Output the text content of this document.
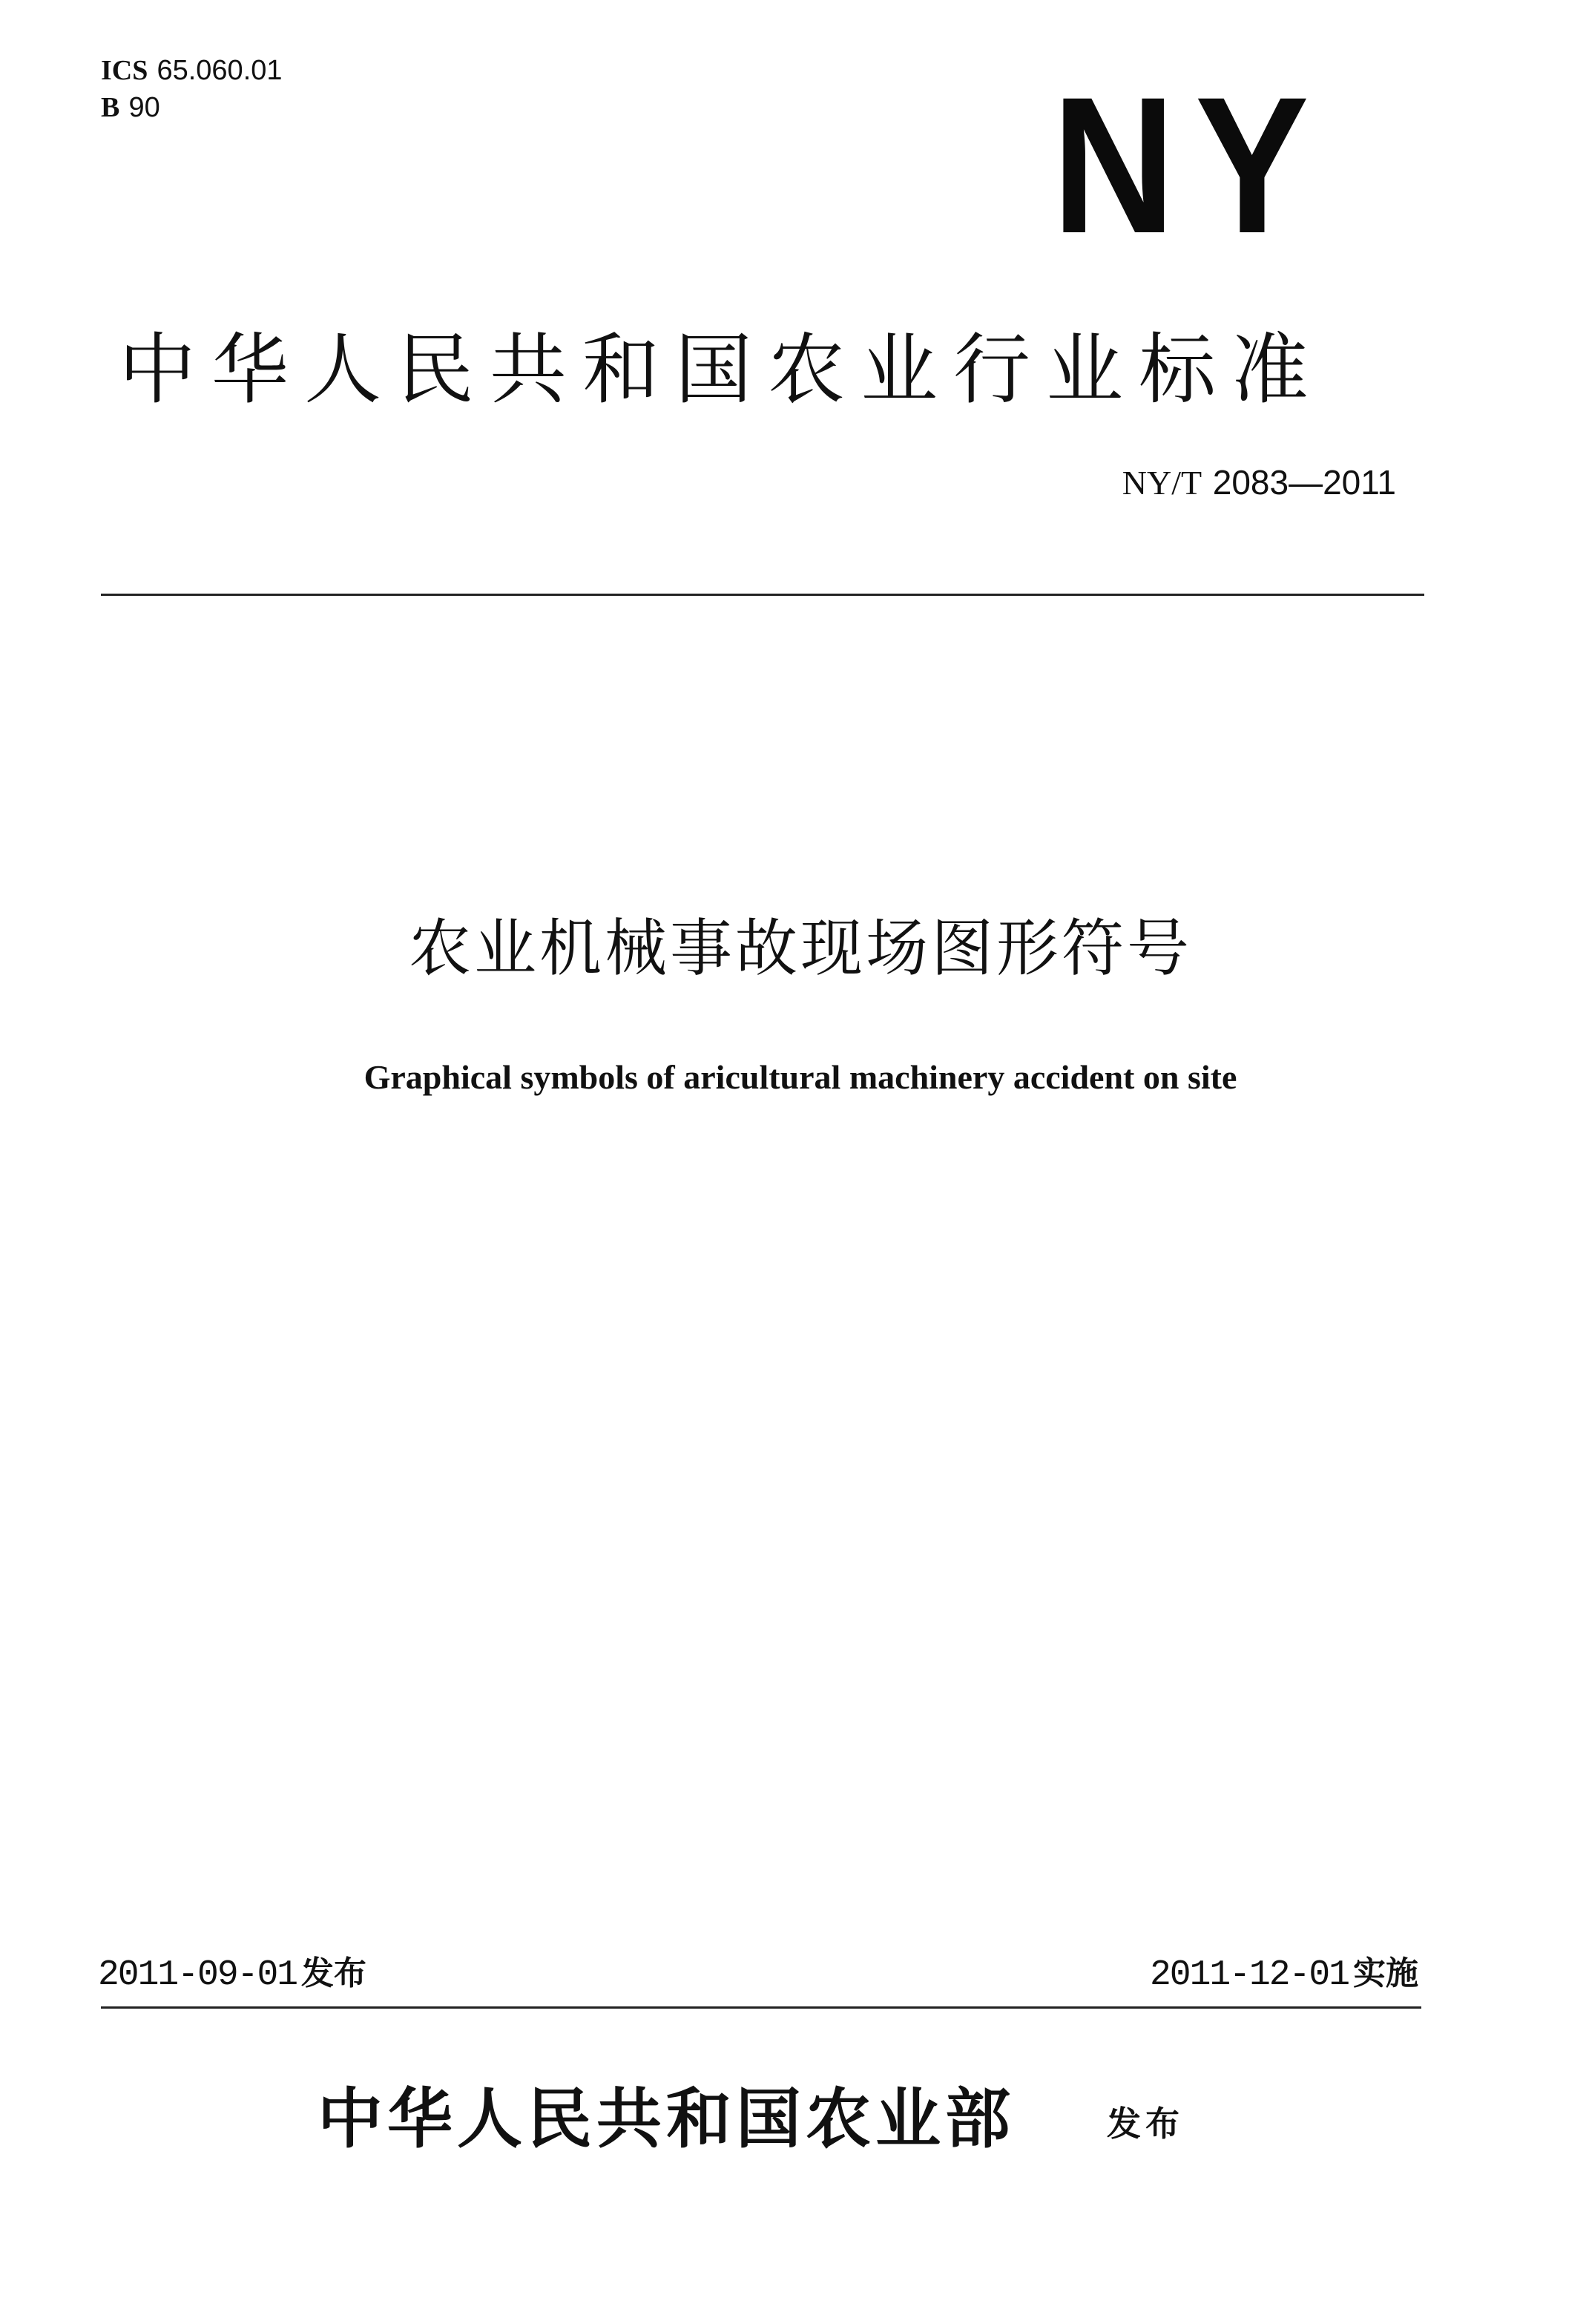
ICS 65.060.01
B 90	NY
中华人民共和国农业行业标准
NY/T 2083—2011
农业机械事故现场图形符号
Graphical symbols of aricultural machinery accident on site
2011-09-01 发布	2011-12-01 实施
中华人民共和国农业部	发布
